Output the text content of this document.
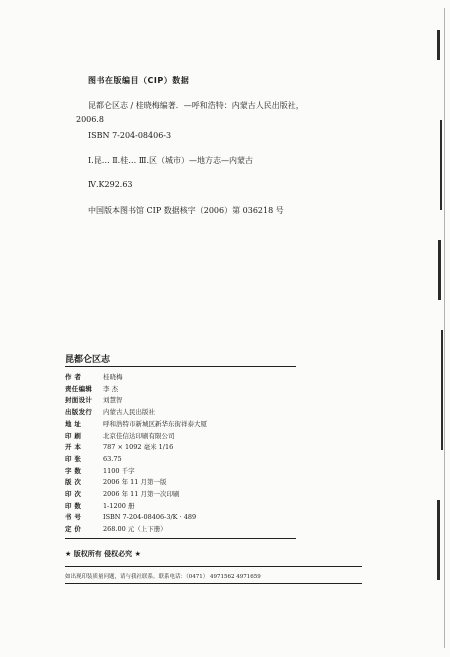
图书在版编目（CIP）数据
昆都仑区志 / 桂晓梅编著．—呼和浩特：内蒙古人民出版社，
2006.8
ISBN 7-204-08406-3
Ⅰ.昆… Ⅱ.桂… Ⅲ.区（城市）—地方志—内蒙古
Ⅳ.K292.63
中国版本图书馆 CIP 数据核字（2006）第 036218 号
昆都仑区志
作 者	桂晓梅
责任编辑 李 杰
封面设计 刘慧智
出版发行 内蒙古人民出版社
地 址	呼和浩特市新城区新华东街祥泰大厦
印 刷	北京佳信达印刷有限公司
开 本	787 × 1092 毫米 1/16
印 张	63.75
字 数	1100 千字
版 次	2006 年 11 月第一版
印 次	2006 年 11 月第一次印刷
印 数	1-1200 册
书 号	ISBN 7-204-08406-3/K · 489
定 价	268.00 元（上下册）
★ 版权所有 侵权必究 ★
如出现印装质量问题，请与我社联系。联系电话：（0471） 4971562 4971659
